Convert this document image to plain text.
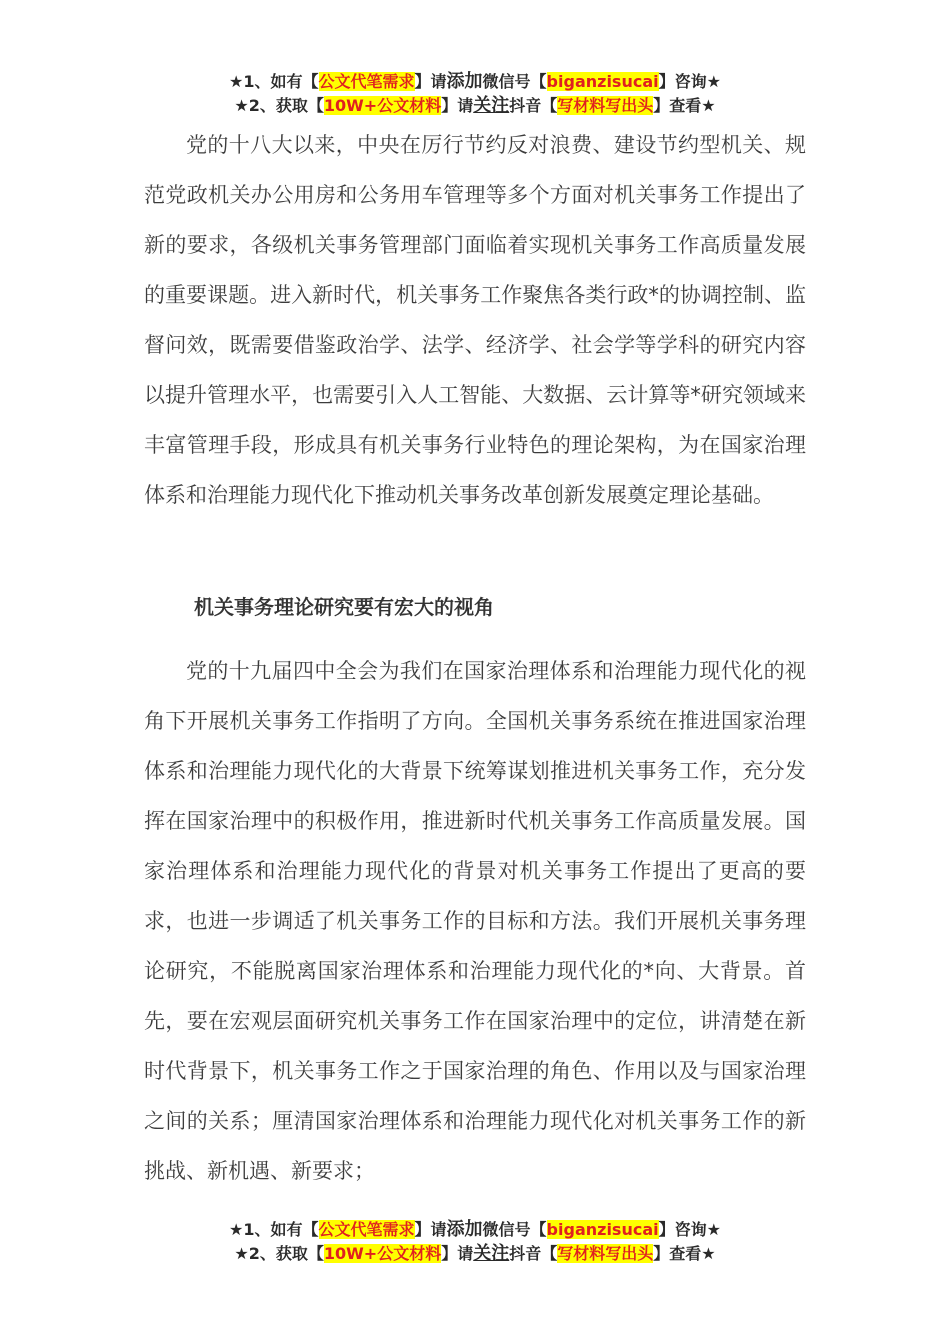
★1、如有【公文代笔需求】请添加微信号【biganzisucai】咨询★
★2、获取【10W+公文材料】请关注抖音【写材料写出头】查看★

党的十八大以来，中央在厉行节约反对浪费、建设节约型机关、规范党政机关办公用房和公务用车管理等多个方面对机关事务工作提出了新的要求，各级机关事务管理部门面临着实现机关事务工作高质量发展的重要课题。进入新时代，机关事务工作聚焦各类行政*的协调控制、监督问效，既需要借鉴政治学、法学、经济学、社会学等学科的研究内容以提升管理水平，也需要引入人工智能、大数据、云计算等*研究领域来丰富管理手段，形成具有机关事务行业特色的理论架构，为在国家治理体系和治理能力现代化下推动机关事务改革创新发展奠定理论基础。

机关事务理论研究要有宏大的视角

党的十九届四中全会为我们在国家治理体系和治理能力现代化的视角下开展机关事务工作指明了方向。全国机关事务系统在推进国家治理体系和治理能力现代化的大背景下统筹谋划推进机关事务工作，充分发挥在国家治理中的积极作用，推进新时代机关事务工作高质量发展。国家治理体系和治理能力现代化的背景对机关事务工作提出了更高的要求，也进一步调适了机关事务工作的目标和方法。我们开展机关事务理论研究，不能脱离国家治理体系和治理能力现代化的*向、大背景。首先，要在宏观层面研究机关事务工作在国家治理中的定位，讲清楚在新时代背景下，机关事务工作之于国家治理的角色、作用以及与国家治理之间的关系；厘清国家治理体系和治理能力现代化对机关事务工作的新挑战、新机遇、新要求；

★1、如有【公文代笔需求】请添加微信号【biganzisucai】咨询★
★2、获取【10W+公文材料】请关注抖音【写材料写出头】查看★
